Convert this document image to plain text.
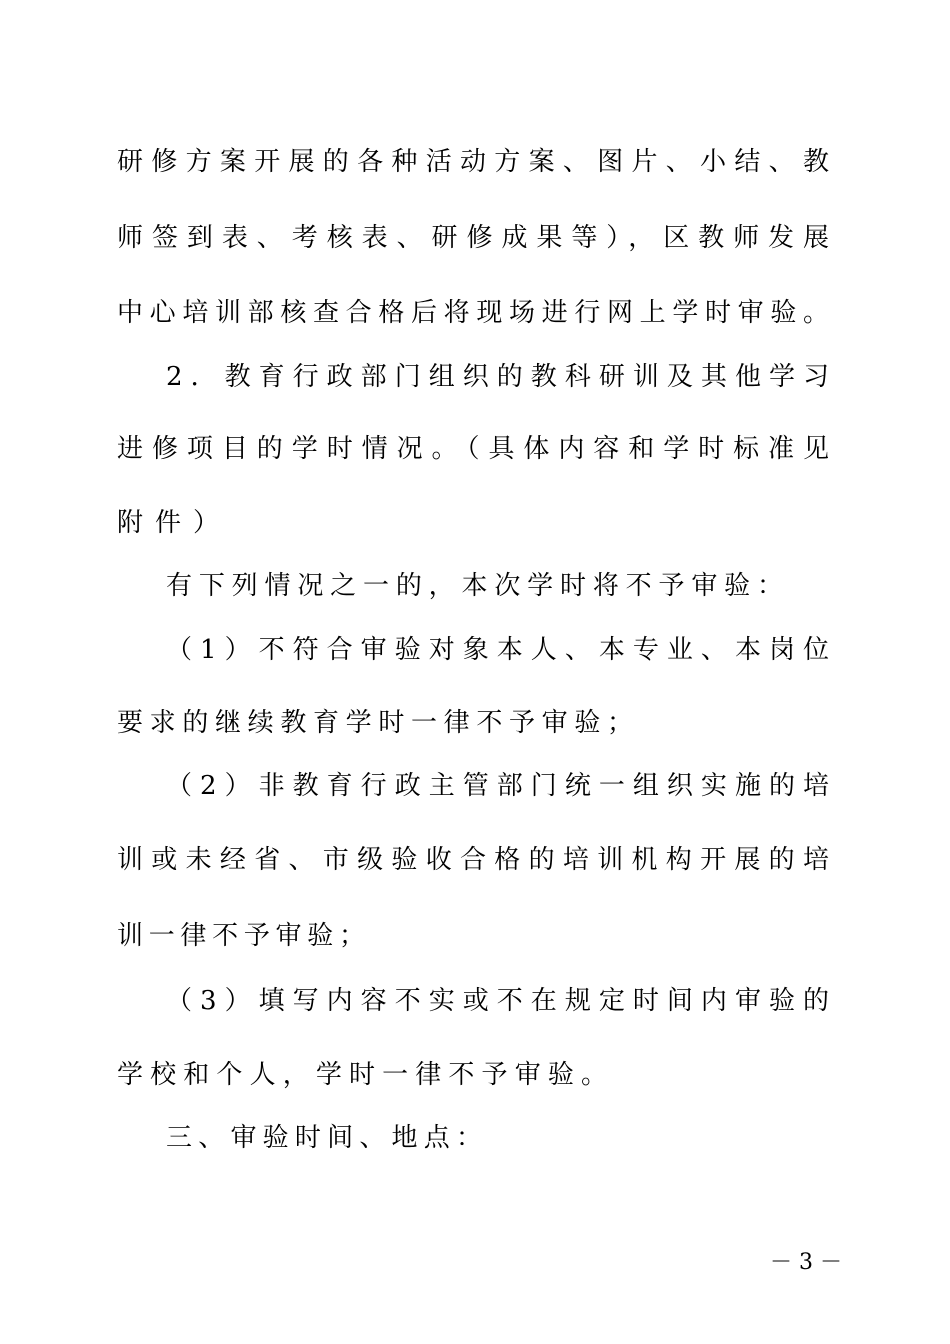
研修方案开展的各种活动方案、图片、小结、教
师签到表、考核表、研修成果等），区教师发展
中心培训部核查合格后将现场进行网上学时审验。
2．教育行政部门组织的教科研训及其他学习
进修项目的学时情况。（具体内容和学时标准见
附件）
有下列情况之一的，本次学时将不予审验：
（1）不符合审验对象本人、本专业、本岗位
要求的继续教育学时一律不予审验；
（2）非教育行政主管部门统一组织实施的培
训或未经省、市级验收合格的培训机构开展的培
训一律不予审验；
（3）填写内容不实或不在规定时间内审验的
学校和个人，学时一律不予审验。
三、审验时间、地点：
－ 3 －
